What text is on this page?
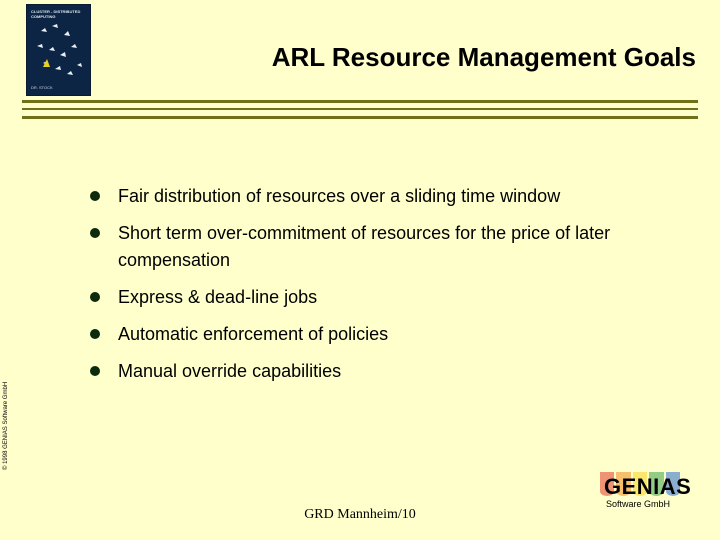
CLUSTER - DISTRIBUTED COMPUTING
DR. STOCK
ARL Resource Management Goals
Fair distribution of resources over a sliding time window
Short term over-commitment of resources for the price of later compensation
Express & dead-line jobs
Automatic enforcement of policies
Manual override capabilities
© 1998 GENIAS Software GmbH
GENIAS
Software GmbH
GRD Mannheim/10
